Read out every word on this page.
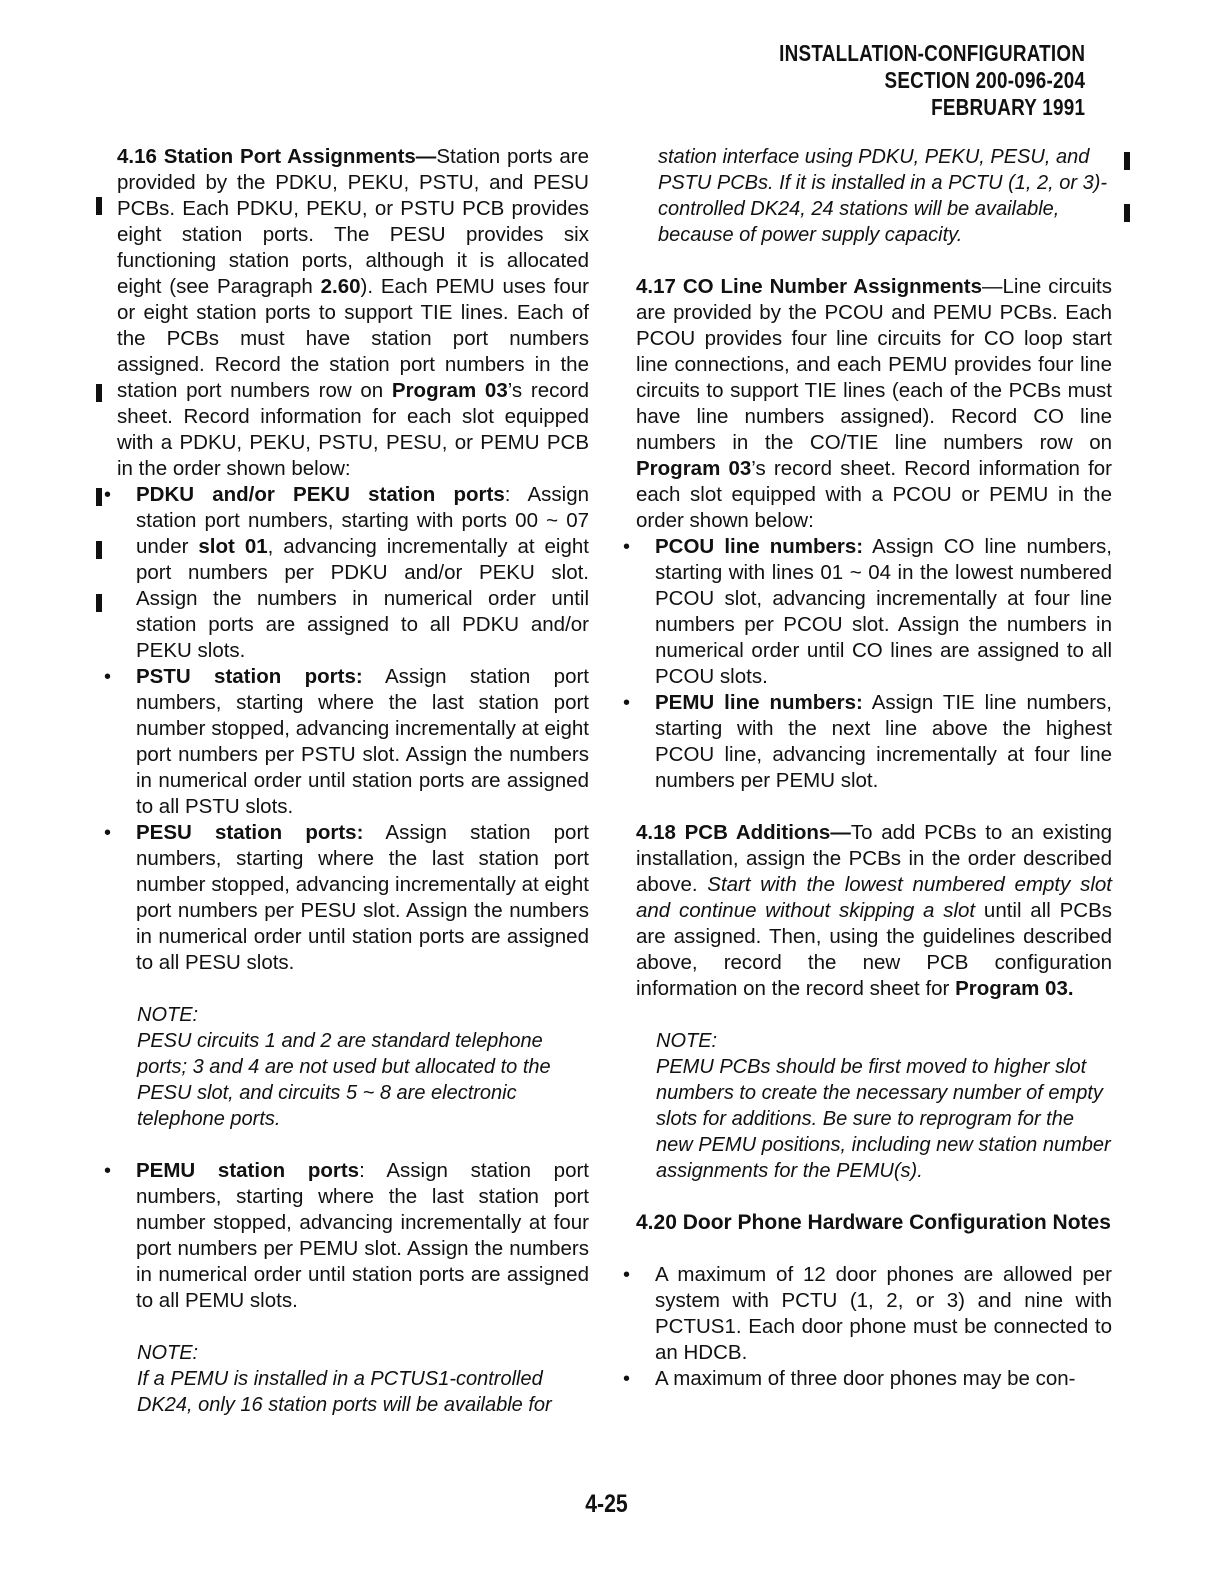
INSTALLATION-CONFIGURATION
SECTION 200-096-204
FEBRUARY 1991

4.16 Station Port Assignments—Station ports are provided by the PDKU, PEKU, PSTU, and PESU PCBs. Each PDKU, PEKU, or PSTU PCB provides eight station ports. The PESU provides six functioning station ports, although it is allocated eight (see Paragraph 2.60). Each PEMU uses four or eight station ports to support TIE lines. Each of the PCBs must have station port numbers assigned. Record the station port numbers in the station port numbers row on Program 03’s record sheet. Record information for each slot equipped with a PDKU, PEKU, PSTU, PESU, or PEMU PCB in the order shown below:

• PDKU and/or PEKU station ports: Assign station port numbers, starting with ports 00 ~ 07 under slot 01, advancing incrementally at eight port numbers per PDKU and/or PEKU slot. Assign the numbers in numerical order until station ports are assigned to all PDKU and/or PEKU slots.
• PSTU station ports: Assign station port numbers, starting where the last station port number stopped, advancing incrementally at eight port numbers per PSTU slot. Assign the numbers in numerical order until station ports are assigned to all PSTU slots.
• PESU station ports: Assign station port numbers, starting where the last station port number stopped, advancing incrementally at eight port numbers per PESU slot. Assign the numbers in numerical order until station ports are assigned to all PESU slots.
NOTE:
PESU circuits 1 and 2 are standard telephone ports; 3 and 4 are not used but allocated to the PESU slot, and circuits 5 ~ 8 are electronic telephone ports.
• PEMU station ports: Assign station port numbers, starting where the last station port number stopped, advancing incrementally at four port numbers per PEMU slot. Assign the numbers in numerical order until station ports are assigned to all PEMU slots.
NOTE:
If a PEMU is installed in a PCTUS1-controlled DK24, only 16 station ports will be available for
station interface using PDKU, PEKU, PESU, and PSTU PCBs. If it is installed in a PCTU (1, 2, or 3)-controlled DK24, 24 stations will be available, because of power supply capacity.

4.17 CO Line Number Assignments—Line circuits are provided by the PCOU and PEMU PCBs. Each PCOU provides four line circuits for CO loop start line connections, and each PEMU provides four line circuits to support TIE lines (each of the PCBs must have line numbers assigned). Record CO line numbers in the CO/TIE line numbers row on Program 03’s record sheet. Record information for each slot equipped with a PCOU or PEMU in the order shown below:

• PCOU line numbers: Assign CO line numbers, starting with lines 01 ~ 04 in the lowest numbered PCOU slot, advancing incrementally at four line numbers per PCOU slot. Assign the numbers in numerical order until CO lines are assigned to all PCOU slots.
• PEMU line numbers: Assign TIE line numbers, starting with the next line above the highest PCOU line, advancing incrementally at four line numbers per PEMU slot.

4.18 PCB Additions—To add PCBs to an existing installation, assign the PCBs in the order described above. Start with the lowest numbered empty slot and continue without skipping a slot until all PCBs are assigned. Then, using the guidelines described above, record the new PCB configuration information on the record sheet for Program 03.

NOTE:
PEMU PCBs should be first moved to higher slot numbers to create the necessary number of empty slots for additions. Be sure to reprogram for the new PEMU positions, including new station number assignments for the PEMU(s).

4.20 Door Phone Hardware Configuration Notes

• A maximum of 12 door phones are allowed per system with PCTU (1, 2, or 3) and nine with PCTUS1. Each door phone must be connected to an HDCB.
• A maximum of three door phones may be con-
4-25
